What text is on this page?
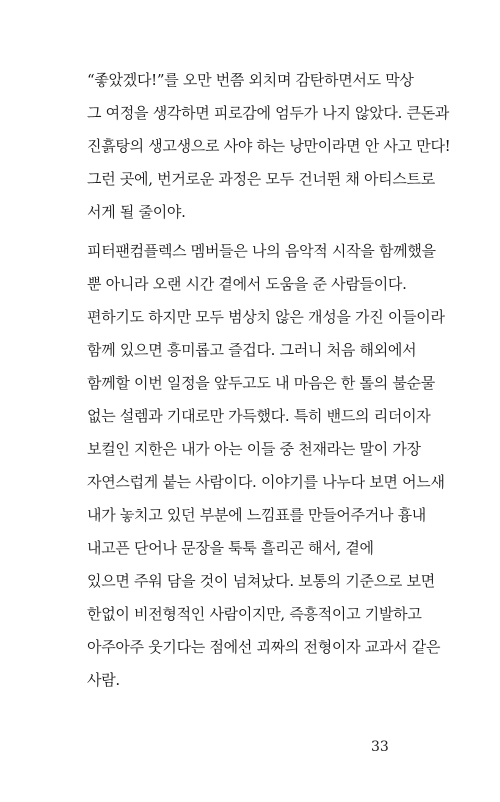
“좋았겠다!”를 오만 번쯤 외치며 감탄하면서도 막상
그 여정을 생각하면 피로감에 엄두가 나지 않았다. 큰돈과
진흙탕의 생고생으로 사야 하는 낭만이라면 안 사고 만다!
그런 곳에, 번거로운 과정은 모두 건너뛴 채 아티스트로
서게 될 줄이야.

피터팬컴플렉스 멤버들은 나의 음악적 시작을 함께했을
뿐 아니라 오랜 시간 곁에서 도움을 준 사람들이다.
편하기도 하지만 모두 범상치 않은 개성을 가진 이들이라
함께 있으면 흥미롭고 즐겁다. 그러니 처음 해외에서
함께할 이번 일정을 앞두고도 내 마음은 한 톨의 불순물
없는 설렘과 기대로만 가득했다. 특히 밴드의 리더이자
보컬인 지한은 내가 아는 이들 중 천재라는 말이 가장
자연스럽게 붙는 사람이다. 이야기를 나누다 보면 어느새
내가 놓치고 있던 부분에 느낌표를 만들어주거나 흉내
내고픈 단어나 문장을 툭툭 흘리곤 해서, 곁에
있으면 주워 담을 것이 넘쳐났다. 보통의 기준으로 보면
한없이 비전형적인 사람이지만, 즉흥적이고 기발하고
아주아주 웃기다는 점에선 괴짜의 전형이자 교과서 같은
사람.

33
